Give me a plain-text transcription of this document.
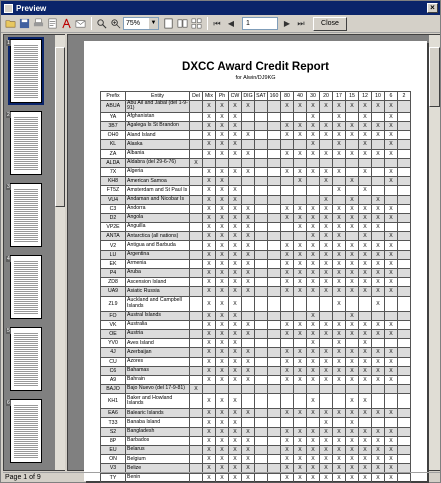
Preview	×
75% ▼	⏮ ◀	1	▶ ⏭	Close
1
2
3
4
5
6
DXCC Award Credit Report
for Alwin/DJ9KG
Prefix	Entity	Del	Mix	Ph	CW	DIG	SAT	160	80	40	30	20	17	15	12	10	6	2
ABUA	Abu Ail and Jabal (del 1-9-91)		X	X	X	X			X	X	X	X	X	X	X	X	X	
YA	Afghanistan		X	X	X						X		X		X		X	
3B7	Agalega Is St Brandon		X	X	X				X	X	X	X	X	X	X	X	X	
OH0	Aland Island		X	X	X	X			X	X	X	X	X	X	X	X	X	
KL	Alaska		X	X	X						X		X		X		X	
ZA	Albania		X	X	X	X			X	X	X	X	X	X	X	X	X	
ALDA	Aldabra (del 29-6-76)	X																
7X	Algeria		X	X	X	X			X	X	X	X	X		X		X	
KH8	American Samoa		X	X						X		X		X			X	
FT5Z	Amsterdam and St Paul Is		X	X	X								X		X			
VU4	Andaman and Nicobar Is		X	X	X							X		X		X		
C3	Andorra		X	X	X	X			X	X	X	X	X	X	X	X	X	
D2	Angola		X	X	X	X			X	X	X	X	X	X	X	X	X	
VP2E	Anguilla		X	X	X	X				X	X	X	X	X	X	X		
ANTA	Antarctica (all nations)		X	X	X	X					X	X	X		X		X	
V2	Antigua and Barbuda		X	X	X	X			X	X	X	X	X	X	X	X	X	
LU	Argentina		X	X	X	X			X	X	X	X	X	X	X	X	X	
EK	Armenia		X	X	X	X			X	X	X	X	X	X	X	X	X	
P4	Aruba		X	X	X	X			X	X	X	X	X	X	X	X	X	
ZD8	Ascension Island		X	X	X	X			X	X	X	X	X	X	X	X	X	
UA9	Asiatic Russia		X	X	X	X			X	X	X	X	X	X	X	X	X	
ZL9	Auckland and Campbell Islands		X	X	X								X			X		
FO	Austral Islands		X	X	X						X			X				
VK	Australia		X	X	X	X			X	X	X	X	X	X	X	X	X	
OE	Austria		X	X	X	X			X	X	X	X	X	X	X	X	X	
YV0	Aves Island		X	X	X						X		X		X			
4J	Azerbaijan		X	X	X	X			X	X	X	X	X	X	X	X	X	
CU	Azores		X	X	X	X			X	X	X	X	X	X	X	X	X	
C6	Bahamas		X	X	X	X			X	X	X	X	X	X	X	X	X	
A9	Bahrain		X	X	X	X			X	X	X	X	X	X	X	X	X	
BAJO	Bajo Nuevo (del 17-9-81)	X																
KH1	Baker and Howland Islands		X	X	X						X			X	X			
EA6	Balearic Islands		X	X	X	X			X	X	X	X	X	X	X	X	X	
T33	Banaba Island		X	X	X							X		X				
S2	Bangladesh		X	X	X	X			X	X	X	X	X	X	X	X	X	
8P	Barbados		X	X	X	X			X	X	X	X	X	X	X	X	X	
EU	Belarus		X	X	X	X			X	X	X	X	X	X	X	X	X	
ON	Belgium		X	X	X	X			X	X	X	X	X	X	X	X	X	
V3	Belize		X	X	X	X			X	X	X	X	X	X	X	X	X	
TY	Benin		X	X	X	X			X	X	X	X	X	X	X	X	X	
Page 1 of 9
